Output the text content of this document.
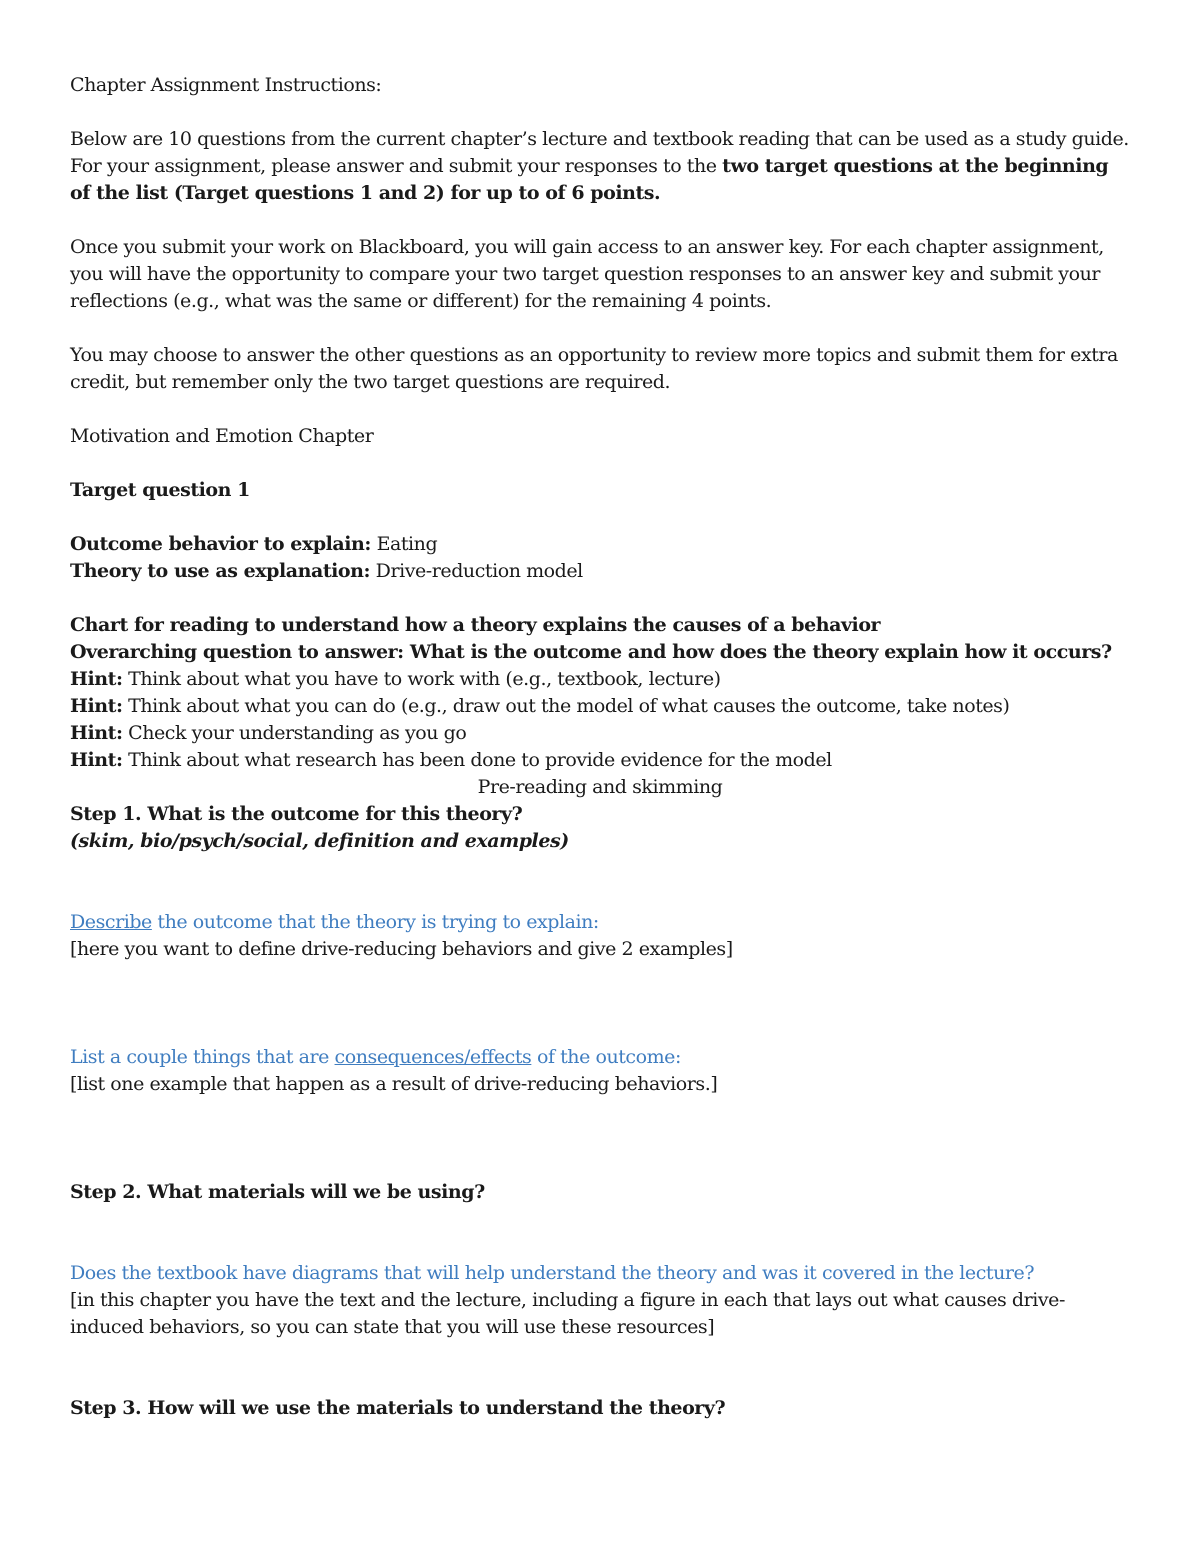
Chapter Assignment Instructions:

Below are 10 questions from the current chapter’s lecture and textbook reading that can be used as a study guide. For your assignment, please answer and submit your responses to the two target questions at the beginning of the list (Target questions 1 and 2) for up to of 6 points.

Once you submit your work on Blackboard, you will gain access to an answer key. For each chapter assignment, you will have the opportunity to compare your two target question responses to an answer key and submit your reflections (e.g., what was the same or different) for the remaining 4 points.

You may choose to answer the other questions as an opportunity to review more topics and submit them for extra credit, but remember only the two target questions are required.

Motivation and Emotion Chapter

Target question 1

Outcome behavior to explain: Eating

Theory to use as explanation: Drive-reduction model

Chart for reading to understand how a theory explains the causes of a behavior

Overarching question to answer: What is the outcome and how does the theory explain how it occurs?

Hint: Think about what you have to work with (e.g., textbook, lecture)

Hint: Think about what you can do (e.g., draw out the model of what causes the outcome, take notes)

Hint: Check your understanding as you go

Hint: Think about what research has been done to provide evidence for the model

Pre-reading and skimming

Step 1. What is the outcome for this theory?

(skim, bio/psych/social, definition and examples)

Describe the outcome that the theory is trying to explain:

[here you want to define drive-reducing behaviors and give 2 examples]

List a couple things that are consequences/effects of the outcome:

[list one example that happen as a result of drive-reducing behaviors.]

Step 2. What materials will we be using?

Does the textbook have diagrams that will help understand the theory and was it covered in the lecture?

[in this chapter you have the text and the lecture, including a figure in each that lays out what causes drive-induced behaviors, so you can state that you will use these resources]

Step 3. How will we use the materials to understand the theory?
